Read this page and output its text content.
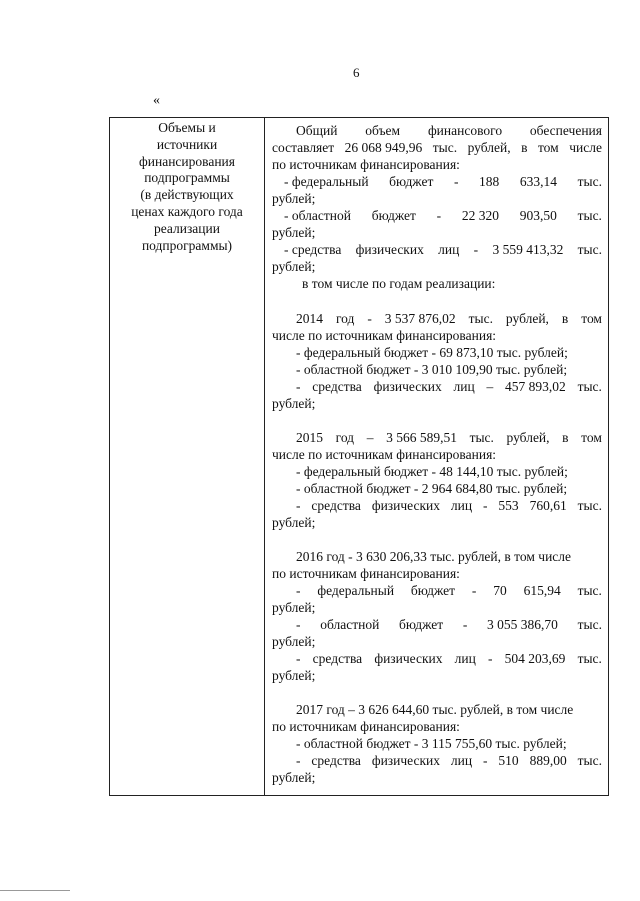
6
«
Объемы и
источники
финансирования
подпрограммы
(в действующих
ценах каждого года
реализации
подпрограммы)
Общий объем финансового обеспечения
составляет 26 068 949,96 тыс. рублей, в том числе
по источникам финансирования:
- федеральный бюджет - 188 633,14 тыс.
рублей;
- областной бюджет - 22 320 903,50 тыс.
рублей;
- средства физических лиц - 3 559 413,32 тыс.
рублей;
в том числе по годам реализации:
2014 год - 3 537 876,02 тыс. рублей, в том
числе по источникам финансирования:
- федеральный бюджет - 69 873,10 тыс. рублей;
- областной бюджет - 3 010 109,90 тыс. рублей;
- средства физических лиц – 457 893,02 тыс.
рублей;
2015 год – 3 566 589,51 тыс. рублей, в том
числе по источникам финансирования:
- федеральный бюджет - 48 144,10 тыс. рублей;
- областной бюджет - 2 964 684,80 тыс. рублей;
- средства физических лиц - 553 760,61 тыс.
рублей;
2016 год - 3 630 206,33 тыс. рублей, в том числе
по источникам финансирования:
- федеральный бюджет - 70 615,94 тыс.
рублей;
- областной бюджет - 3 055 386,70 тыс.
рублей;
- средства физических лиц - 504 203,69 тыс.
рублей;
2017 год – 3 626 644,60 тыс. рублей, в том числе
по источникам финансирования:
- областной бюджет - 3 115 755,60 тыс. рублей;
- средства физических лиц - 510 889,00 тыс.
рублей;
